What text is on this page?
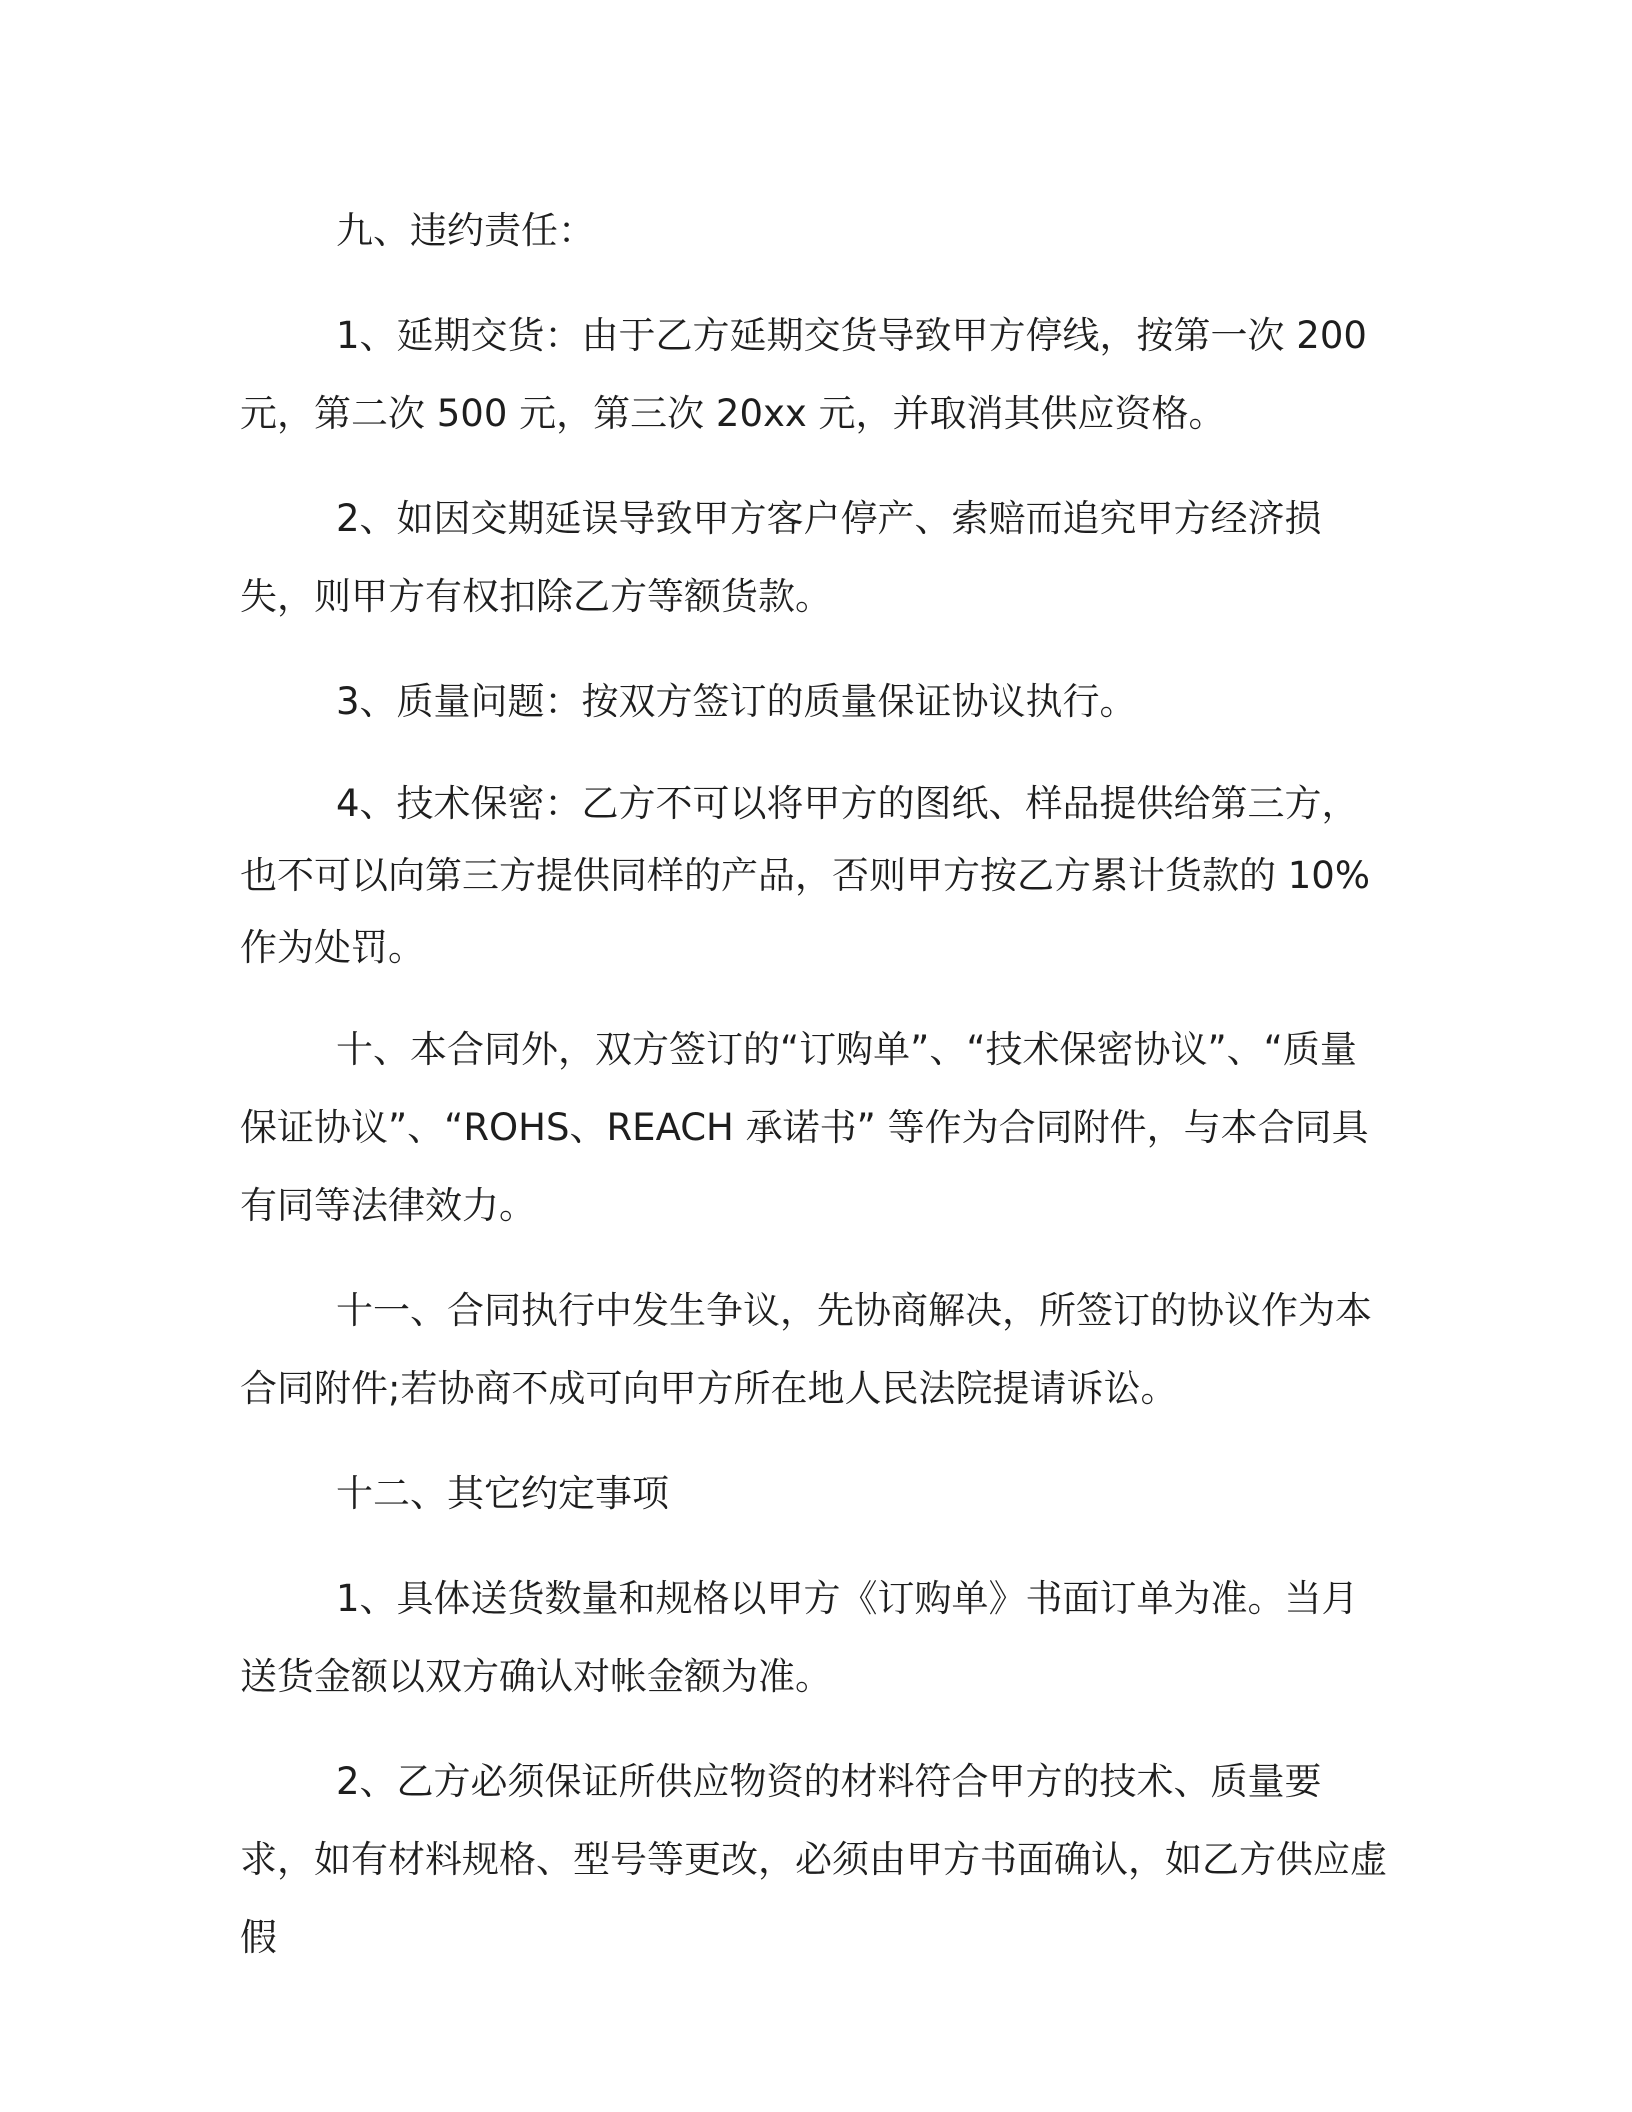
九、违约责任：

1、延期交货：由于乙方延期交货导致甲方停线，按第一次 200 元，第二次 500 元，第三次 20xx 元，并取消其供应资格。

2、如因交期延误导致甲方客户停产、索赔而追究甲方经济损失，则甲方有权扣除乙方等额货款。

3、质量问题：按双方签订的质量保证协议执行。

4、技术保密：乙方不可以将甲方的图纸、样品提供给第三方，也不可以向第三方提供同样的产品，否则甲方按乙方累计货款的 10%作为处罚。

十、本合同外，双方签订的“订购单”、“技术保密协议”、“质量保证协议”、“ROHS、REACH 承诺书” 等作为合同附件，与本合同具有同等法律效力。

十一、合同执行中发生争议，先协商解决，所签订的协议作为本合同附件;若协商不成可向甲方所在地人民法院提请诉讼。

十二、其它约定事项

1、具体送货数量和规格以甲方《订购单》书面订单为准。当月送货金额以双方确认对帐金额为准。

2、乙方必须保证所供应物资的材料符合甲方的技术、质量要求，如有材料规格、型号等更改，必须由甲方书面确认，如乙方供应虚假
